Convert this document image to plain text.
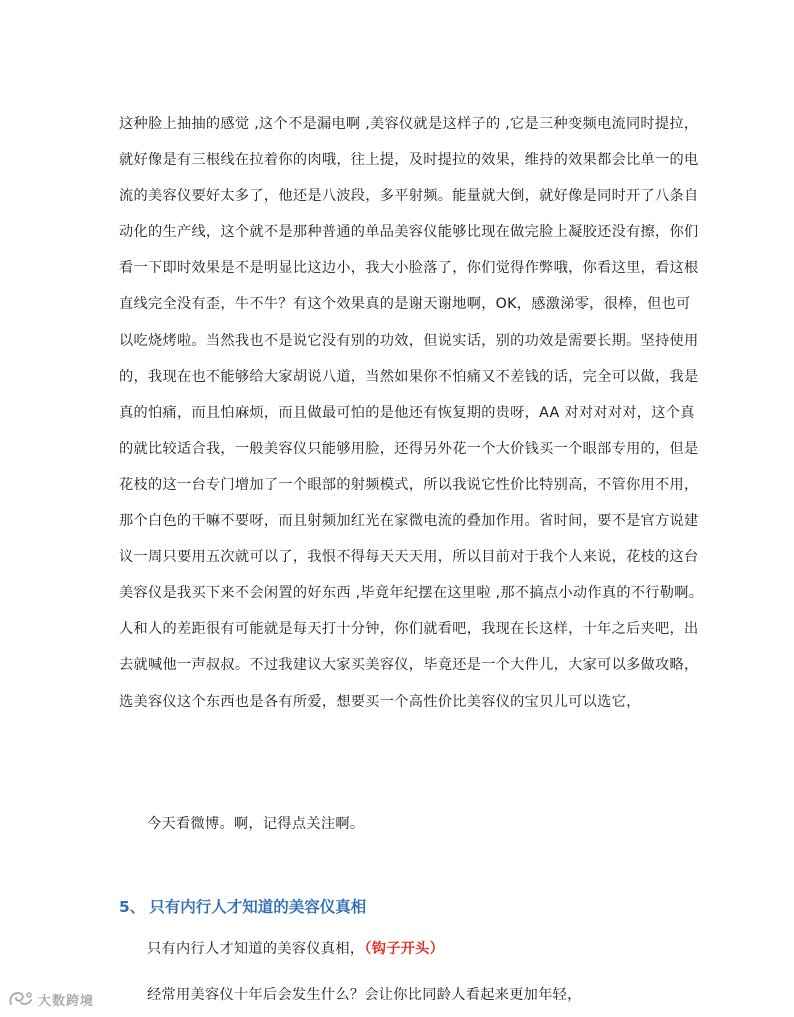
这种脸上抽抽的感觉 ,这个不是漏电啊 ,美容仪就是这样子的 ,它是三种变频电流同时提拉，
就好像是有三根线在拉着你的肉哦，往上提，及时提拉的效果，维持的效果都会比单一的电
流的美容仪要好太多了，他还是八波段，多平射频。能量就大倒，就好像是同时开了八条自
动化的生产线，这个就不是那种普通的单品美容仪能够比现在做完脸上凝胶还没有擦，你们
看一下即时效果是不是明显比这边小，我大小脸落了，你们觉得作弊哦，你看这里，看这根
直线完全没有歪，牛不牛？有这个效果真的是谢天谢地啊，OK，感激涕零，很棒，但也可
以吃烧烤啦。当然我也不是说它没有别的功效，但说实话，别的功效是需要长期。坚持使用
的，我现在也不能够给大家胡说八道，当然如果你不怕痛又不差钱的话，完全可以做，我是
真的怕痛，而且怕麻烦，而且做最可怕的是他还有恢复期的贵呀，AA 对对对对对，这个真
的就比较适合我，一般美容仪只能够用脸，还得另外花一个大价钱买一个眼部专用的，但是
花枝的这一台专门增加了一个眼部的射频模式，所以我说它性价比特别高，不管你用不用，
那个白色的干嘛不要呀，而且射频加红光在家微电流的叠加作用。省时间，要不是官方说建
议一周只要用五次就可以了，我恨不得每天天天用，所以目前对于我个人来说，花枝的这台
美容仪是我买下来不会闲置的好东西 ,毕竟年纪摆在这里啦 ,那不搞点小动作真的不行勒啊。
人和人的差距很有可能就是每天打十分钟，你们就看吧，我现在长这样，十年之后夹吧，出
去就喊他一声叔叔。不过我建议大家买美容仪，毕竟还是一个大件儿，大家可以多做攻略，
选美容仪这个东西也是各有所爱，想要买一个高性价比美容仪的宝贝儿可以选它，
今天看微博。啊，记得点关注啊。
5、 只有内行人才知道的美容仪真相
只有内行人才知道的美容仪真相，（钩子开头）
经常用美容仪十年后会发生什么？会让你比同龄人看起来更加年轻，
大数跨境
